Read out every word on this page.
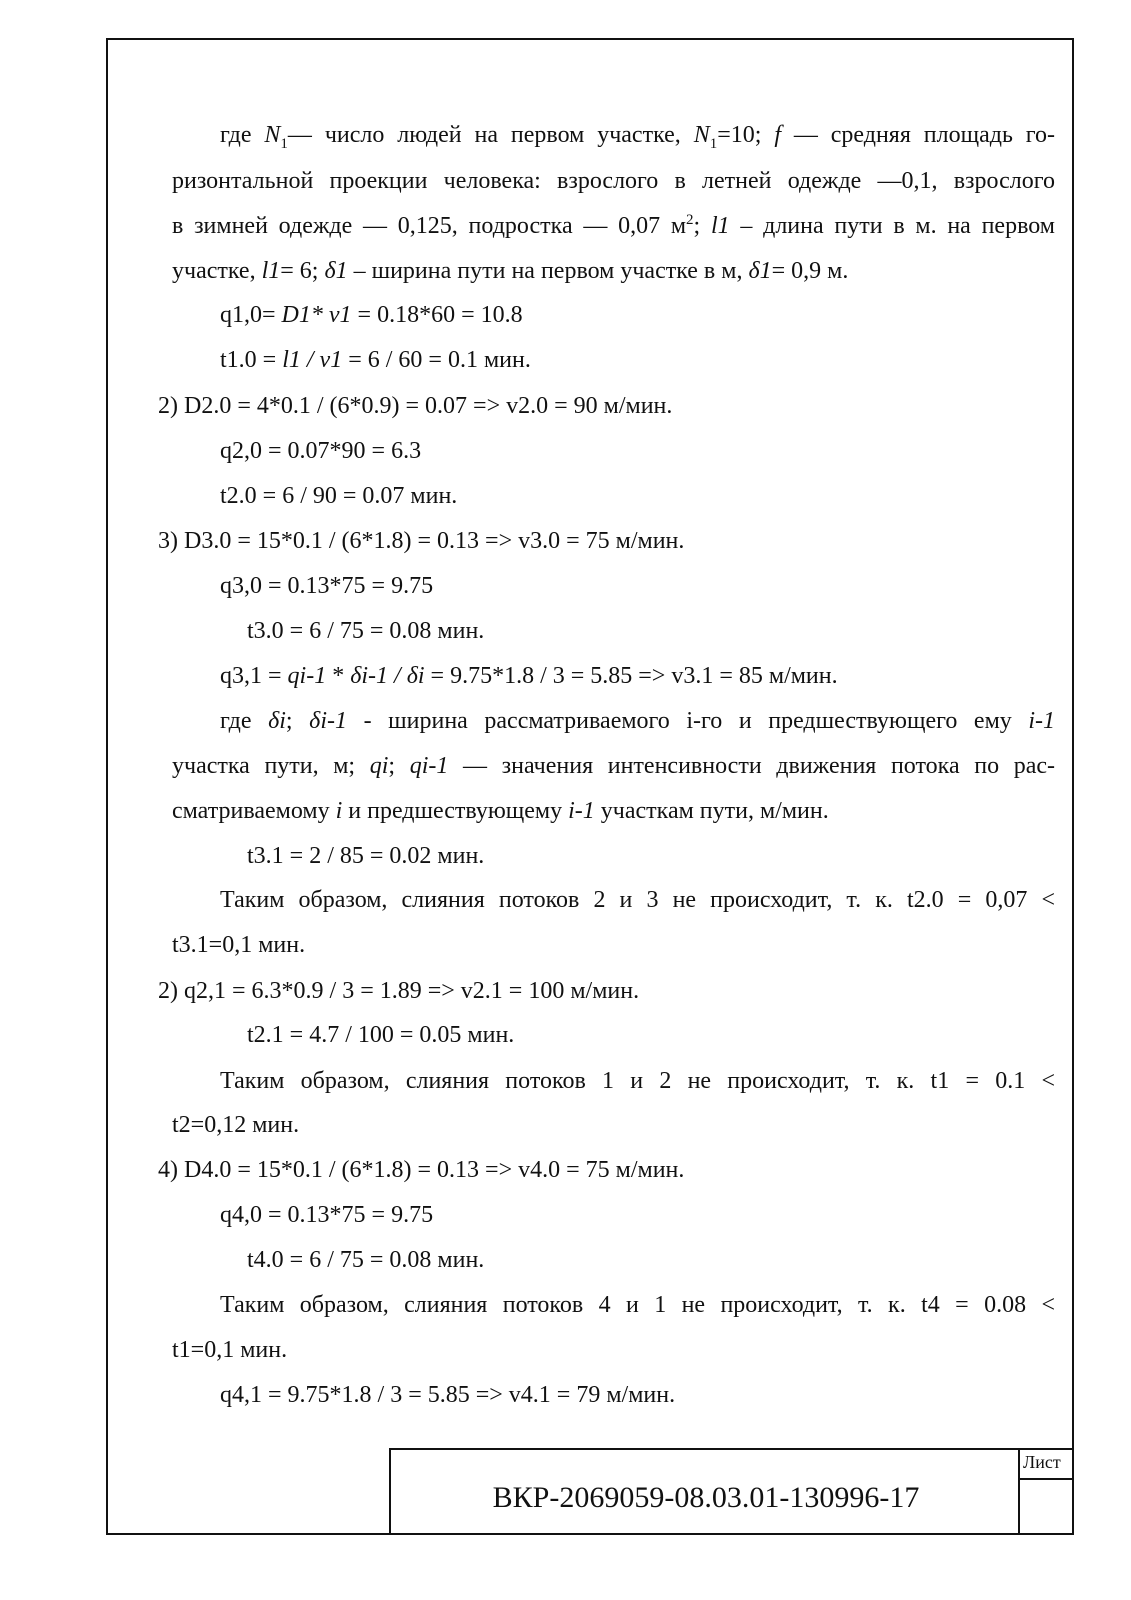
где $N_1—$ число людей на первом участке, $N_1=10$; f — средняя площадь го-
ризонтальной проекции человека: взрослого в летней одежде —0,1, взрослого
в зимней одежде — 0,125, подростка — 0,07 $м^2$; l1 – длина пути в м. на первом
участке, l1= 6; δ1 – ширина пути на первом участке в м, δ1= 0,9 м.
q1,0= D1* v1 = 0.18*60 = 10.8
t1.0 = l1 / v1 = 6 / 60 = 0.1 мин.
2) D2.0 = 4*0.1 / (6*0.9) = 0.07 => v2.0 = 90 м/мин.
q2,0 = 0.07*90 = 6.3
t2.0 = 6 / 90 = 0.07 мин.
3) D3.0 = 15*0.1 / (6*1.8) = 0.13 => v3.0 = 75 м/мин.
q3,0 = 0.13*75 = 9.75
t3.0 = 6 / 75 = 0.08 мин.
q3,1 = qi-1 * δi-1 / δi = 9.75*1.8 / 3 = 5.85 => v3.1 = 85 м/мин.
где δi; δi-1 - ширина рассматриваемого i-го и предшествующего ему i-1
участка пути, м; qi; qi-1 — значения интенсивности движения потока по рас-
сматриваемому i и предшествующему i-1 участкам пути, м/мин.
t3.1 = 2 / 85 = 0.02 мин.
Таким образом, слияния потоков 2 и 3 не происходит, т. к. t2.0 = 0,07 <
t3.1=0,1 мин.
2) q2,1 = 6.3*0.9 / 3 = 1.89 => v2.1 = 100 м/мин.
t2.1 = 4.7 / 100 = 0.05 мин.
Таким образом, слияния потоков 1 и 2 не происходит, т. к. t1 = 0.1 <
t2=0,12 мин.
4) D4.0 = 15*0.1 / (6*1.8) = 0.13 => v4.0 = 75 м/мин.
q4,0 = 0.13*75 = 9.75
t4.0 = 6 / 75 = 0.08 мин.
Таким образом, слияния потоков 4 и 1 не происходит, т. к. t4 = 0.08 <
t1=0,1 мин.
q4,1 = 9.75*1.8 / 3 = 5.85 => v4.1 = 79 м/мин.
ВКР-2069059-08.03.01-130996-17
Лист
